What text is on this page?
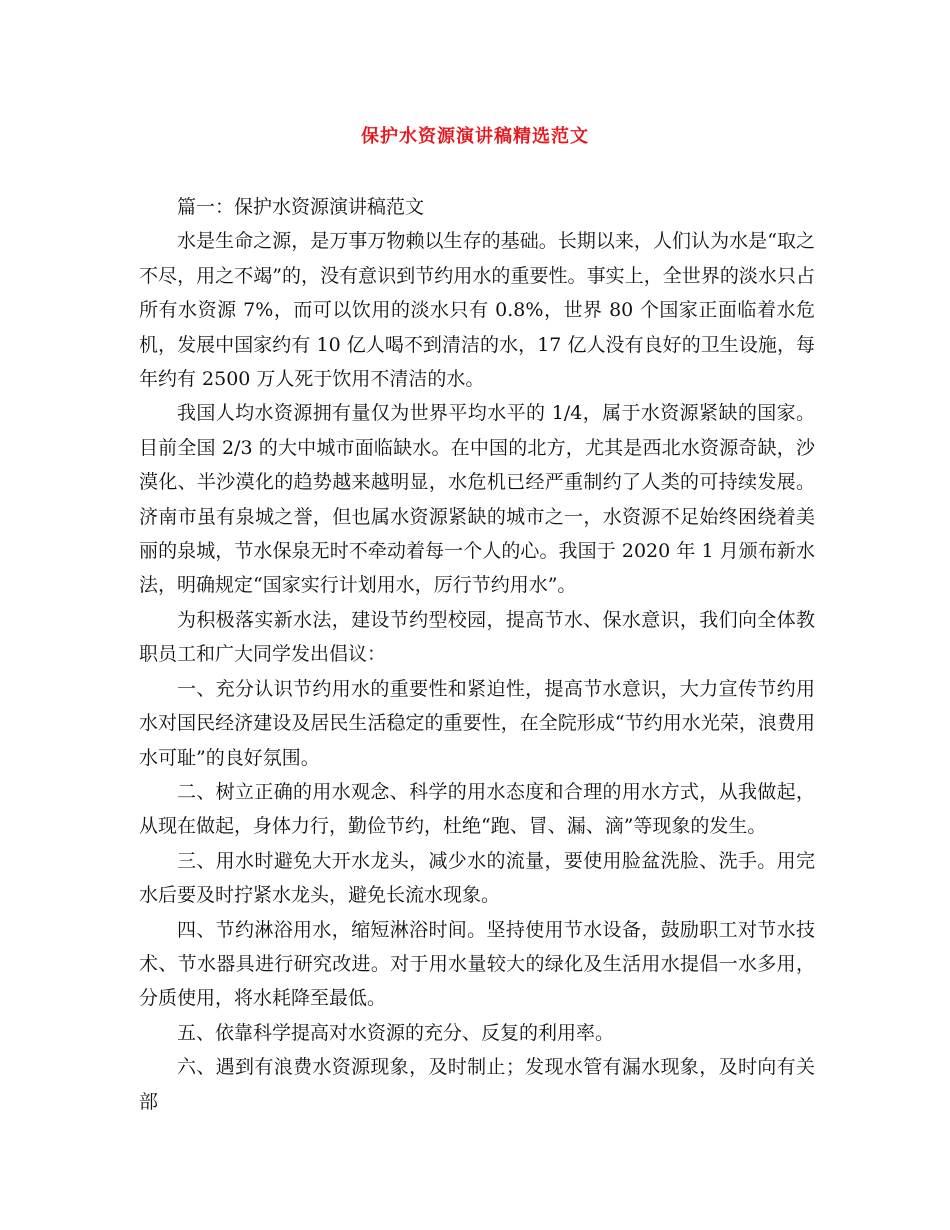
保护水资源演讲稿精选范文

篇一：保护水资源演讲稿范文

水是生命之源，是万事万物赖以生存的基础。长期以来，人们认为水是“取之不尽，用之不竭”的，没有意识到节约用水的重要性。事实上，全世界的淡水只占所有水资源 7%，而可以饮用的淡水只有 0.8%，世界 80 个国家正面临着水危机，发展中国家约有 10 亿人喝不到清洁的水，17 亿人没有良好的卫生设施，每年约有 2500 万人死于饮用不清洁的水。

我国人均水资源拥有量仅为世界平均水平的 1/4，属于水资源紧缺的国家。目前全国 2/3 的大中城市面临缺水。在中国的北方，尤其是西北水资源奇缺，沙漠化、半沙漠化的趋势越来越明显，水危机已经严重制约了人类的可持续发展。济南市虽有泉城之誉，但也属水资源紧缺的城市之一，水资源不足始终困绕着美丽的泉城，节水保泉无时不牵动着每一个人的心。我国于 2020 年 1 月颁布新水法，明确规定“国家实行计划用水，厉行节约用水”。

为积极落实新水法，建设节约型校园，提高节水、保水意识，我们向全体教职员工和广大同学发出倡议：

一、充分认识节约用水的重要性和紧迫性，提高节水意识，大力宣传节约用水对国民经济建设及居民生活稳定的重要性，在全院形成“节约用水光荣，浪费用水可耻”的良好氛围。

二、树立正确的用水观念、科学的用水态度和合理的用水方式，从我做起，从现在做起，身体力行，勤俭节约，杜绝“跑、冒、漏、滴”等现象的发生。

三、用水时避免大开水龙头，减少水的流量，要使用脸盆洗脸、洗手。用完水后要及时拧紧水龙头，避免长流水现象。

四、节约淋浴用水，缩短淋浴时间。坚持使用节水设备，鼓励职工对节水技术、节水器具进行研究改进。对于用水量较大的绿化及生活用水提倡一水多用，分质使用，将水耗降至最低。

五、依靠科学提高对水资源的充分、反复的利用率。

六、遇到有浪费水资源现象，及时制止；发现水管有漏水现象，及时向有关部
